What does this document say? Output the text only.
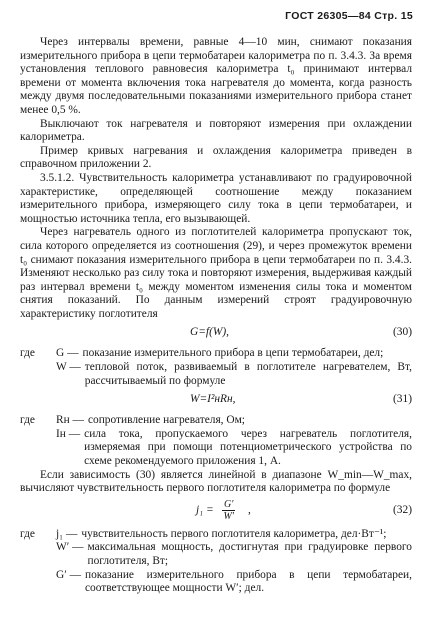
ГОСТ 26305—84 Стр. 15

Через интервалы времени, равные 4—10 мин, снимают показания измерительного прибора в цепи термобатареи калориметра по п. 3.4.3. За время установления теплового равновесия калориметра t₀ принимают интервал времени от момента включения тока нагревателя до момента, когда разность между двумя последовательными показаниями измерительного прибора станет менее 0,5 %.

Выключают ток нагревателя и повторяют измерения при охлаждении калориметра.

Пример кривых нагревания и охлаждения калориметра приведен в справочном приложении 2.

3.5.1.2. Чувствительность калориметра устанавливают по градуировочной характеристике, определяющей соотношение между показанием измерительного прибора, измеряющего силу тока в цепи термобатареи, и мощностью источника тепла, его вызывающей.

Через нагреватель одного из поглотителей калориметра пропускают ток, сила которого определяется из соотношения (29), и через промежуток времени t₀ снимают показания измерительного прибора в цепи термобатареи по п. 3.4.3. Изменяют несколько раз силу тока и повторяют измерения, выдерживая каждый раз интервал времени t₀ между моментом изменения силы тока и моментом снятия показаний. По данным измерений строят градуировочную характеристику поглотителя

G=f(W),	(30)
где	G — показание измерительного прибора в цепи термобатареи, дел;
W — тепловой поток, развиваемый в поглотителе нагревателем, Вт, рассчитываемый по формуле
W=I²нRн,	(31)
где	Rн — сопротивление нагревателя, Ом;
Iн — сила тока, пропускаемого через нагреватель поглотителя, измеряемая при помощи потенциометрического устройства по схеме рекомендуемого приложения 1, А.

Если зависимость (30) является линейной в диапазоне W_min—W_max, вычисляют чувствительность первого поглотителя калориметра по формуле

$j_1 = \frac{G'}{W'}$ ,	(32)
где	j₁ — чувствительность первого поглотителя калориметра, дел·Вт⁻¹;
W′ — максимальная мощность, достигнутая при градуировке первого поглотителя, Вт;
G′ — показание измерительного прибора в цепи термобатареи, соответствующее мощности W′; дел.
